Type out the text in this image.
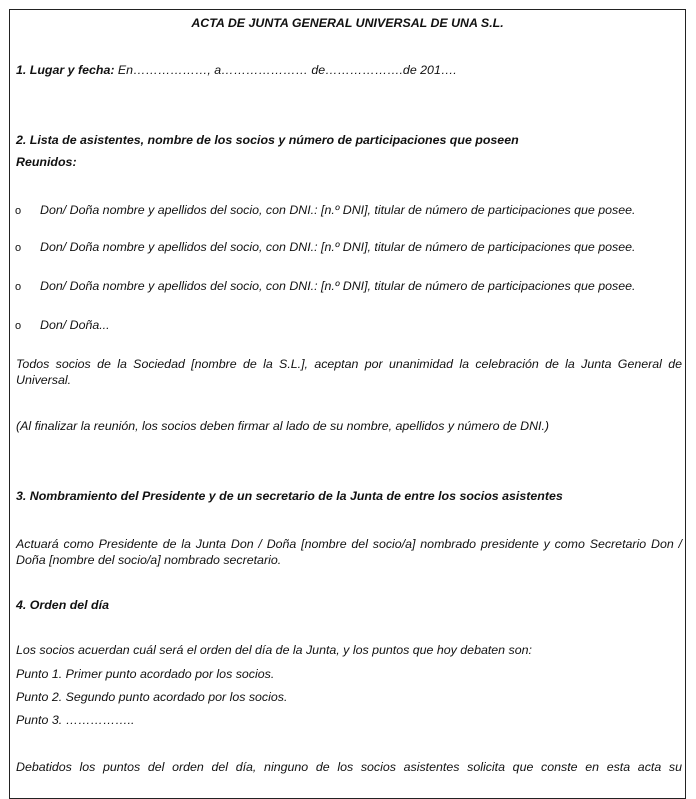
ACTA DE JUNTA GENERAL UNIVERSAL DE UNA S.L.
1. Lugar y fecha: En………………, a………………… de……………….de 201….
2. Lista de asistentes, nombre de los socios y número de participaciones que poseen
Reunidos:
o Don/ Doña nombre y apellidos del socio, con DNI.: [n.º DNI], titular de número de participaciones que posee.
o Don/ Doña nombre y apellidos del socio, con DNI.: [n.º DNI], titular de número de participaciones que posee.
o Don/ Doña nombre y apellidos del socio, con DNI.: [n.º DNI], titular de número de participaciones que posee.
o Don/ Doña...
Todos socios de la Sociedad [nombre de la S.L.], aceptan por unanimidad la celebración de la Junta General de Universal.
(Al finalizar la reunión, los socios deben firmar al lado de su nombre, apellidos y número de DNI.)
3. Nombramiento del Presidente y de un secretario de la Junta de entre los socios asistentes
Actuará como Presidente de la Junta Don / Doña [nombre del socio/a] nombrado presidente y como Secretario Don / Doña [nombre del socio/a] nombrado secretario.
4. Orden del día
Los socios acuerdan cuál será el orden del día de la Junta, y los puntos que hoy debaten son:
Punto 1. Primer punto acordado por los socios.
Punto 2. Segundo punto acordado por los socios.
Punto 3. ……………..
Debatidos los puntos del orden del día, ninguno de los socios asistentes solicita que conste en esta acta su
